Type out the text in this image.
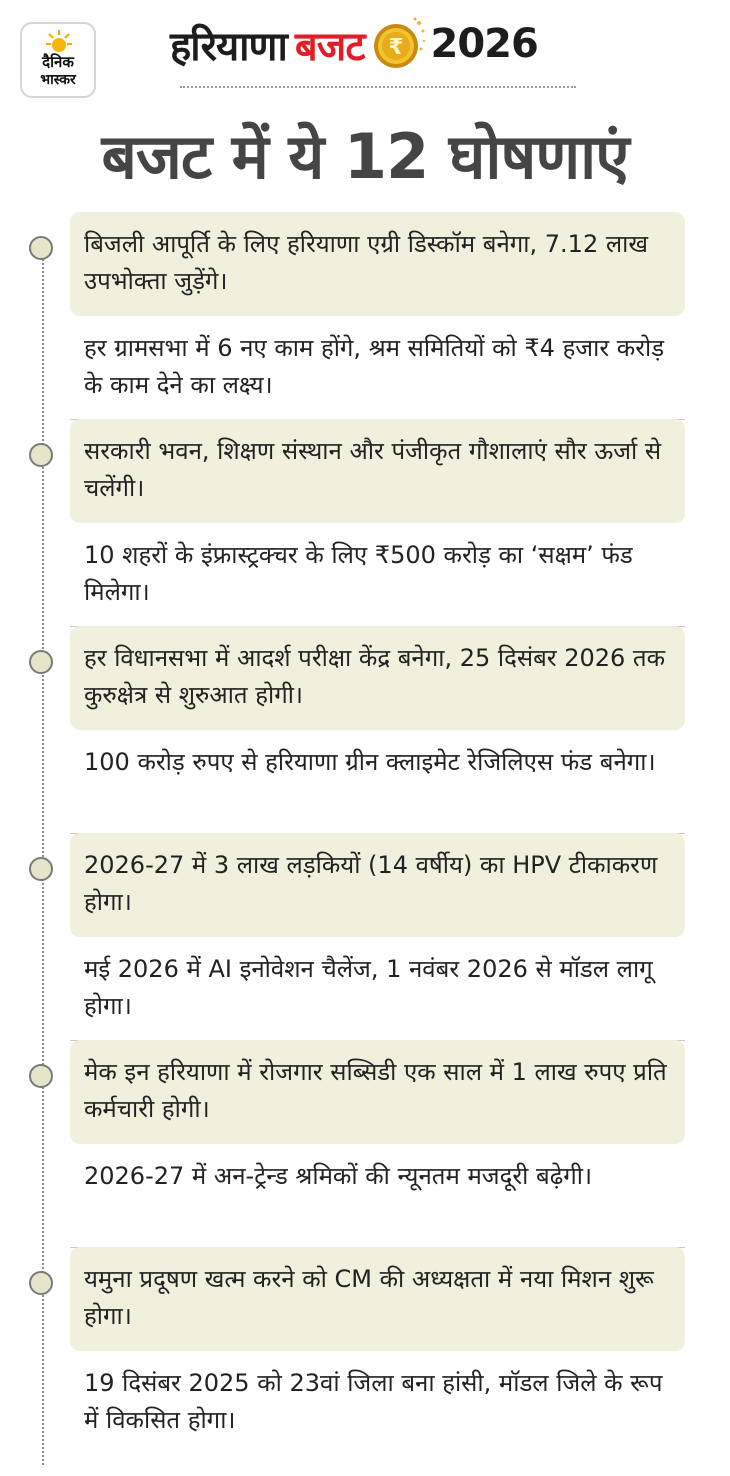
दैनिक
भास्कर
हरियाणा बजट ₹ 2026
बजट में ये 12 घोषणाएं
बिजली आपूर्ति के लिए हरियाणा एग्री डिस्कॉम बनेगा, 7.12 लाख उपभोक्ता जुड़ेंगे।
हर ग्रामसभा में 6 नए काम होंगे, श्रम समितियों को ₹4 हजार करोड़ के काम देने का लक्ष्य।
सरकारी भवन, शिक्षण संस्थान और पंजीकृत गौशालाएं सौर ऊर्जा से चलेंगी।
10 शहरों के इंफ्रास्ट्रक्चर के लिए ₹500 करोड़ का ‘सक्षम’ फंड मिलेगा।
हर विधानसभा में आदर्श परीक्षा केंद्र बनेगा, 25 दिसंबर 2026 तक कुरुक्षेत्र से शुरुआत होगी।
100 करोड़ रुपए से हरियाणा ग्रीन क्लाइमेट रेजिलिएस फंड बनेगा।
2026-27 में 3 लाख लड़कियों (14 वर्षीय) का HPV टीकाकरण होगा।
मई 2026 में AI इनोवेशन चैलेंज, 1 नवंबर 2026 से मॉडल लागू होगा।
मेक इन हरियाणा में रोजगार सब्सिडी एक साल में 1 लाख रुपए प्रति कर्मचारी होगी।
2026-27 में अन-ट्रेन्ड श्रमिकों की न्यूनतम मजदूरी बढ़ेगी।
यमुना प्रदूषण खत्म करने को CM की अध्यक्षता में नया मिशन शुरू होगा।
19 दिसंबर 2025 को 23वां जिला बना हांसी, मॉडल जिले के रूप में विकसित होगा।
